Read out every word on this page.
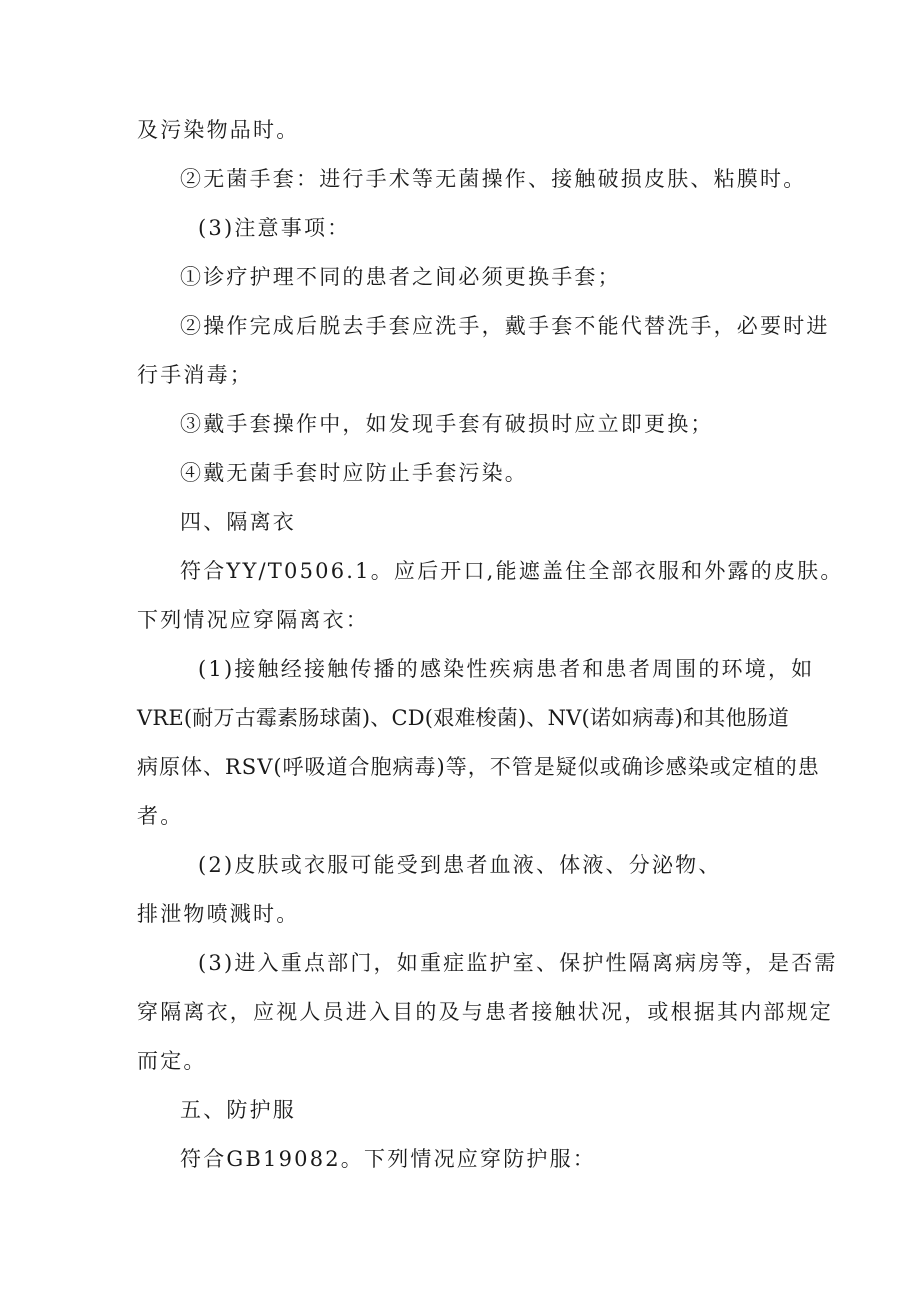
及污染物品时。
②无菌手套：进行手术等无菌操作、接触破损皮肤、粘膜时。
(3)注意事项：
①诊疗护理不同的患者之间必须更换手套；
②操作完成后脱去手套应洗手，戴手套不能代替洗手，必要时进
行手消毒；
③戴手套操作中，如发现手套有破损时应立即更换；
④戴无菌手套时应防止手套污染。
四、隔离衣
符合YY/T0506.1。应后开口,能遮盖住全部衣服和外露的皮肤。
下列情况应穿隔离衣：
(1)接触经接触传播的感染性疾病患者和患者周围的环境，如
VRE(耐万古霉素肠球菌)、CD(艰难梭菌)、NV(诺如病毒)和其他肠道
病原体、RSV(呼吸道合胞病毒)等，不管是疑似或确诊感染或定植的患
者。
(2)皮肤或衣服可能受到患者血液、体液、分泌物、
排泄物喷溅时。
(3)进入重点部门，如重症监护室、保护性隔离病房等，是否需
穿隔离衣，应视人员进入目的及与患者接触状况，或根据其内部规定
而定。
五、防护服
符合GB19082。下列情况应穿防护服：
